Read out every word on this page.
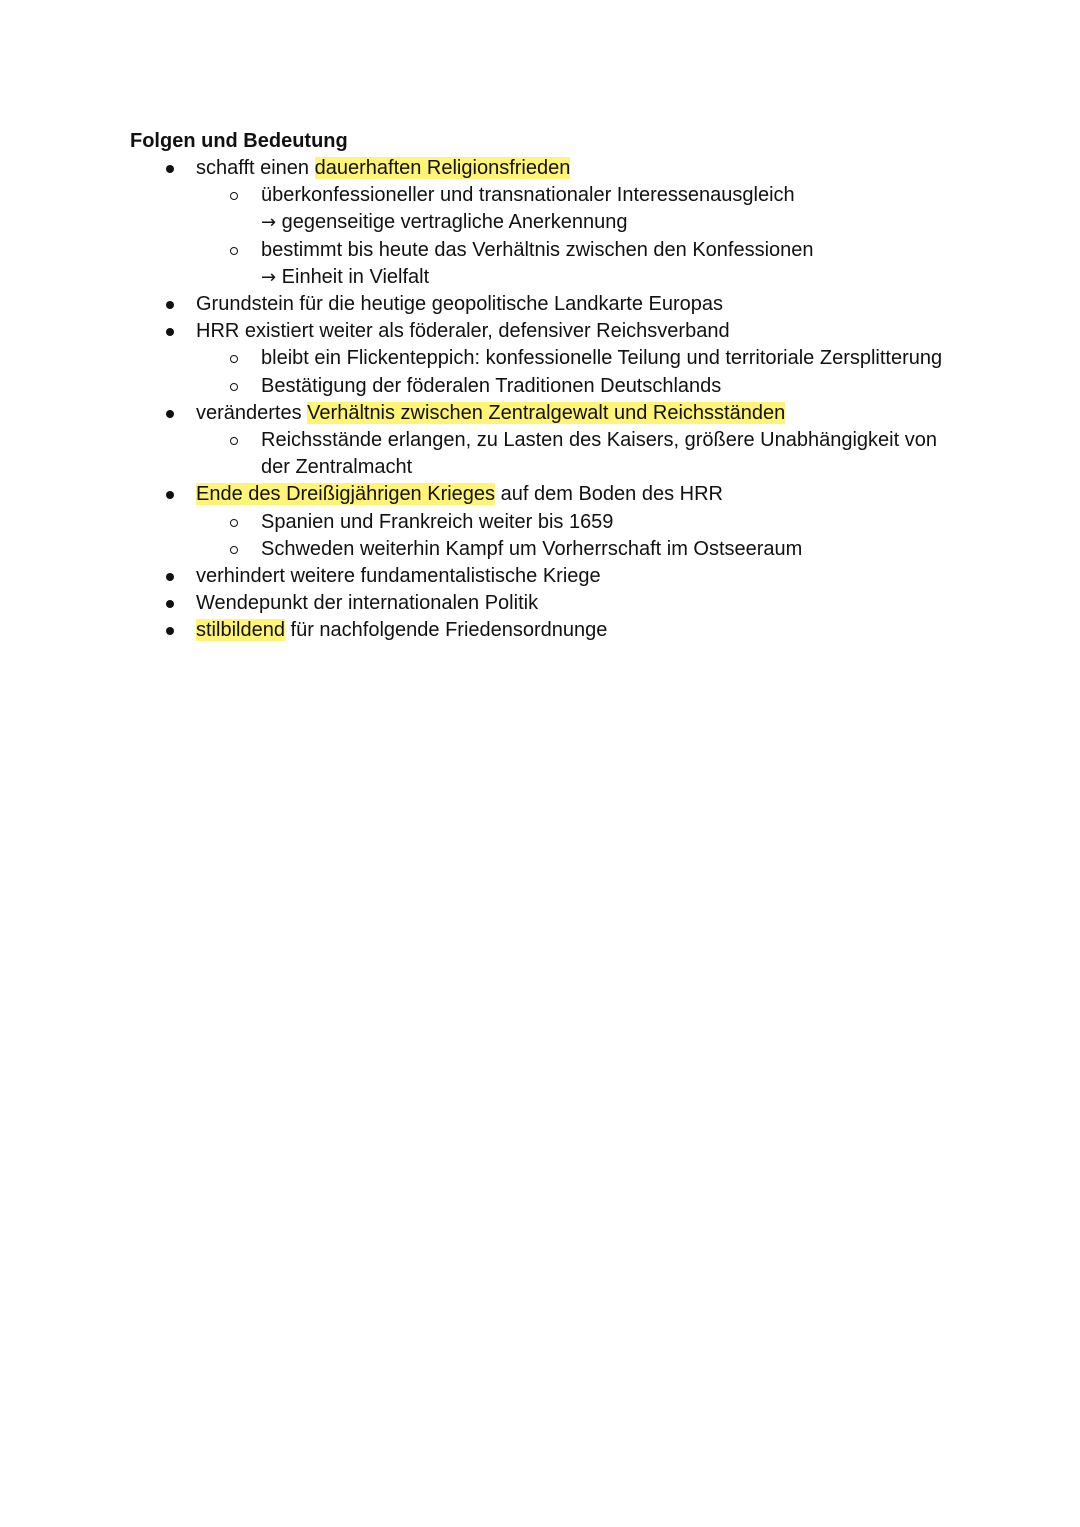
Folgen und Bedeutung
schafft einen dauerhaften Religionsfrieden
überkonfessioneller und transnationaler Interessenausgleich
→ gegenseitige vertragliche Anerkennung
bestimmt bis heute das Verhältnis zwischen den Konfessionen
→ Einheit in Vielfalt
Grundstein für die heutige geopolitische Landkarte Europas
HRR existiert weiter als föderaler, defensiver Reichsverband
bleibt ein Flickenteppich: konfessionelle Teilung und territoriale Zersplitterung
Bestätigung der föderalen Traditionen Deutschlands
verändertes Verhältnis zwischen Zentralgewalt und Reichsständen
Reichsstände erlangen, zu Lasten des Kaisers, größere Unabhängigkeit von
der Zentralmacht
Ende des Dreißigjährigen Krieges auf dem Boden des HRR
Spanien und Frankreich weiter bis 1659
Schweden weiterhin Kampf um Vorherrschaft im Ostseeraum
verhindert weitere fundamentalistische Kriege
Wendepunkt der internationalen Politik
stilbildend für nachfolgende Friedensordnunge
